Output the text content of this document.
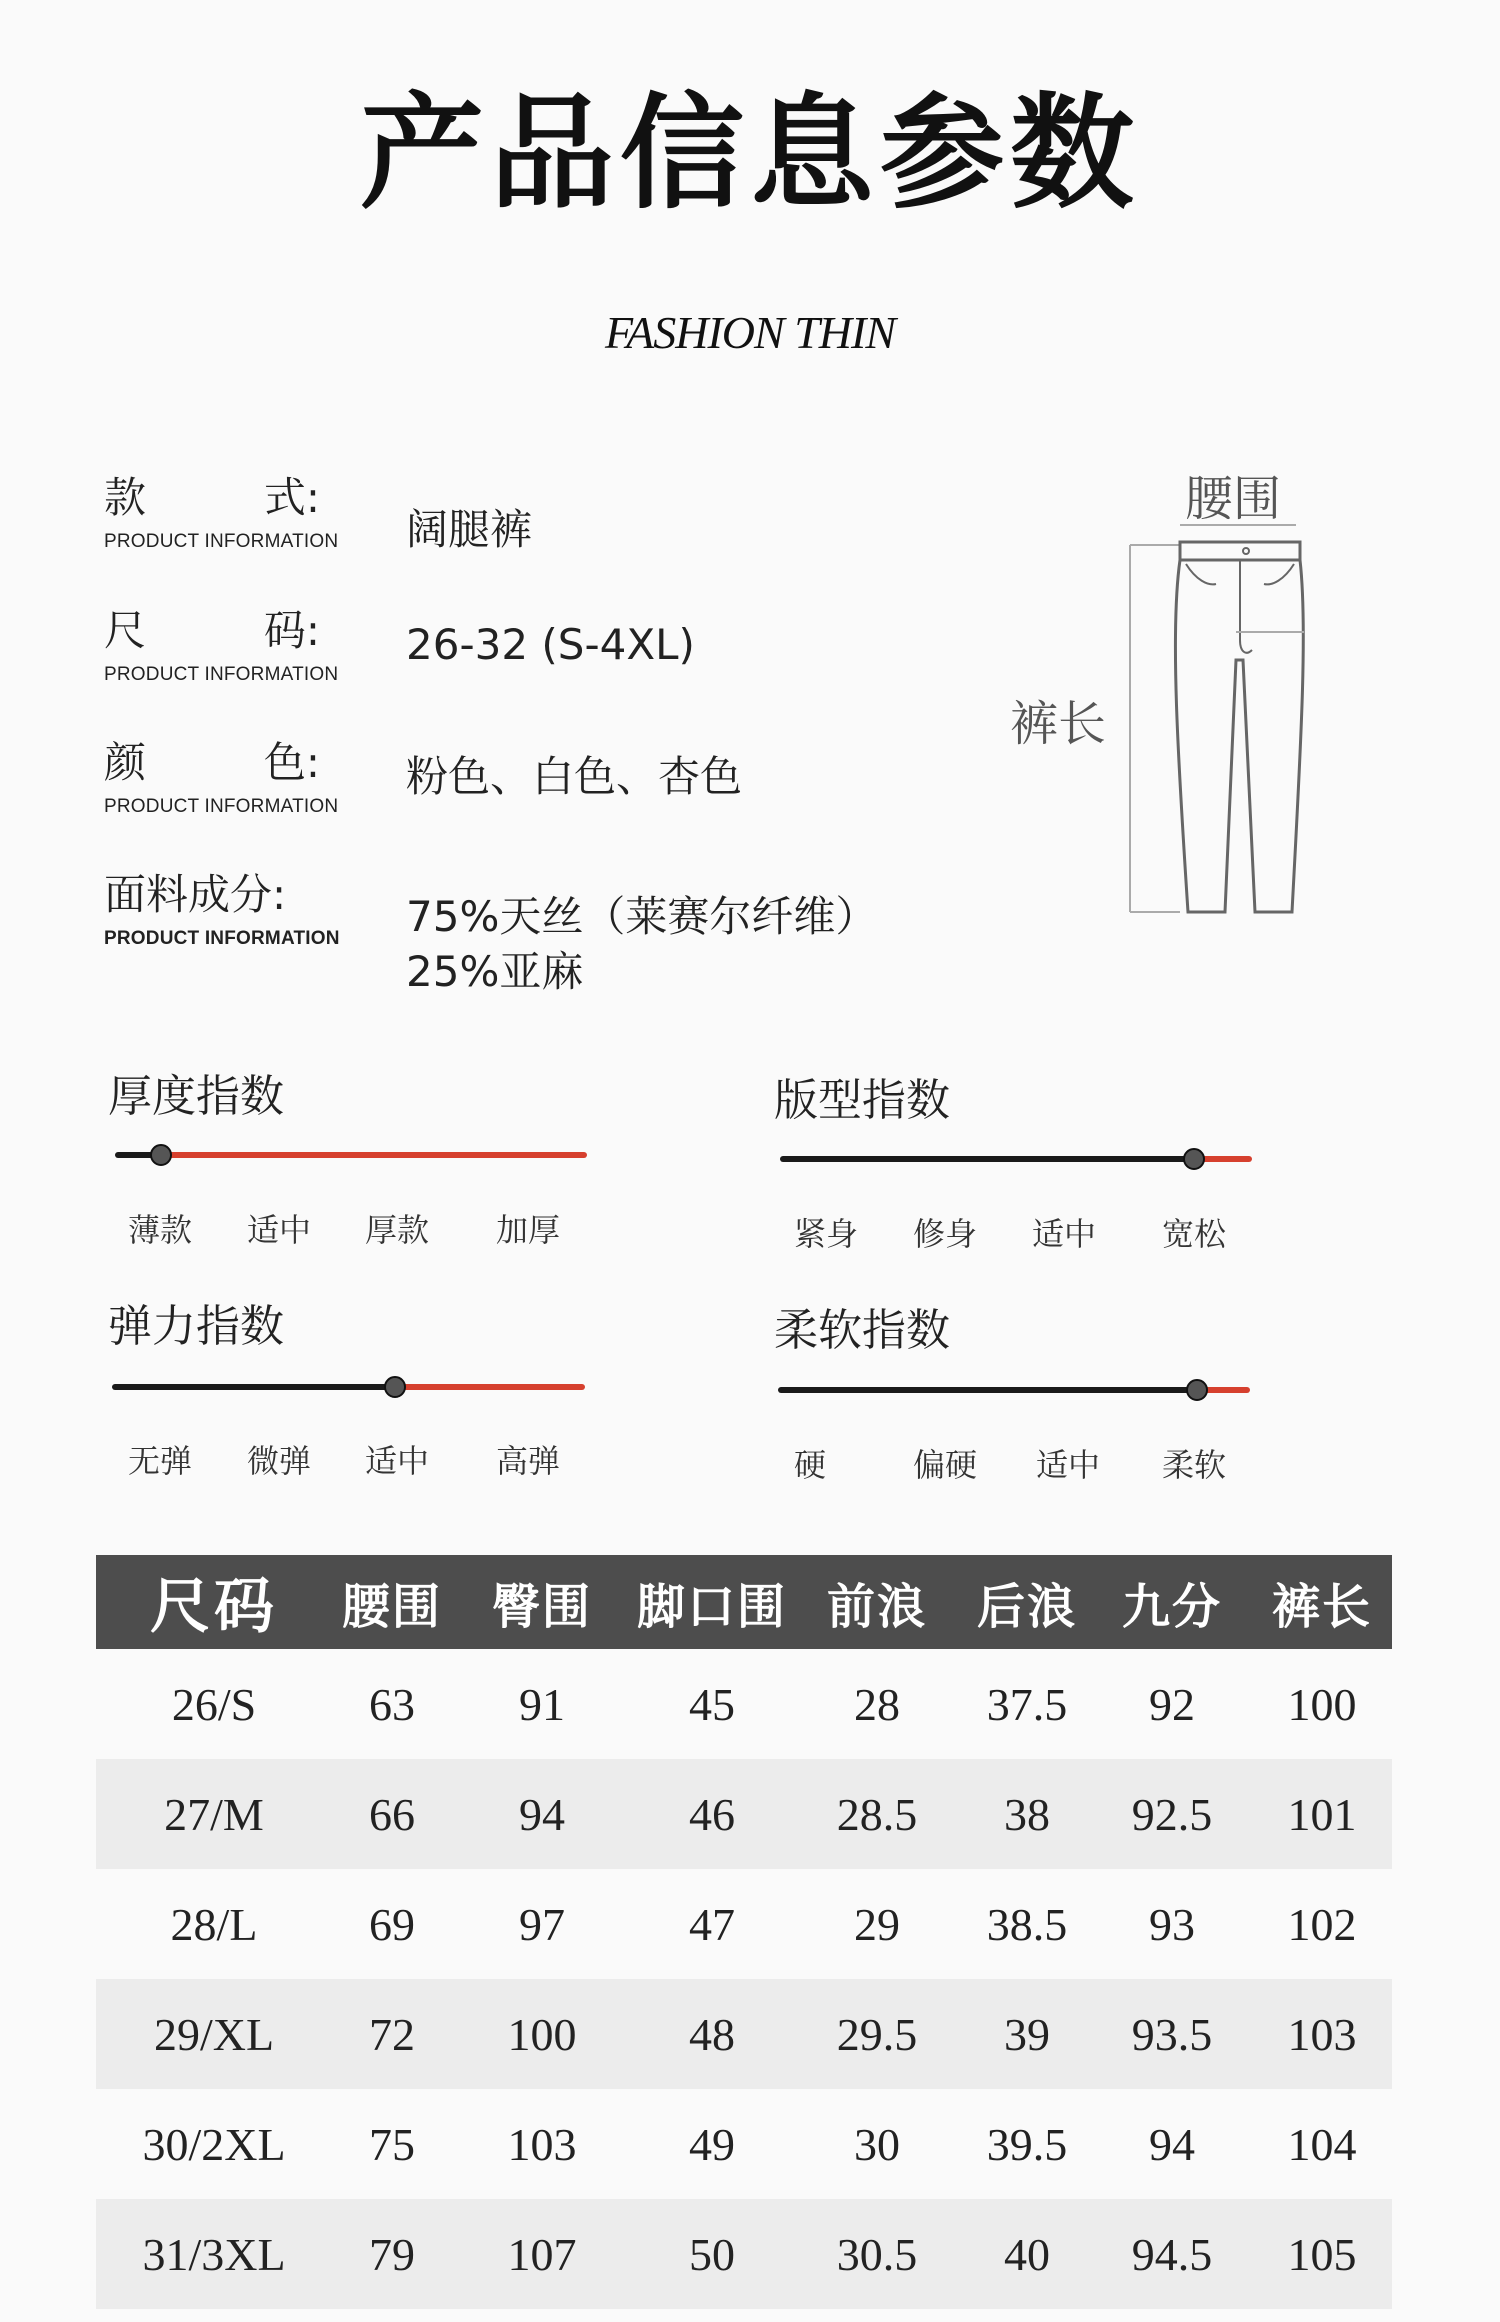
产品信息参数
FASHION THIN
款	式:
PRODUCT INFORMATION	阔腿裤
尺	码:
PRODUCT INFORMATION
26-32 (S-4XL)
颜	色:
PRODUCT INFORMATION
粉色、白色、杏色
面料成分:
PRODUCT INFORMATION	75%天丝（莱赛尔纤维）
25%亚麻
腰围
裤长
厚度指数
薄款 适中 厚款 加厚
版型指数
紧身 修身 适中 宽松
弹力指数
无弹 微弹 适中 高弹
柔软指数
硬	偏硬 适中 柔软
尺码	腰围	臀围 脚口围 前浪	后浪 九分	裤长
26/S	63	91	45	28	37.5	92	100
27/M	66	94	46	28.5	38	92.5	101
28/L	69	97	47	29	38.5	93	102
29/XL	72	100	48	29.5	39	93.5	103
30/2XL	75	103	49	30	39.5	94	104
31/3XL	79	107	50	30.5	40	94.5	105
